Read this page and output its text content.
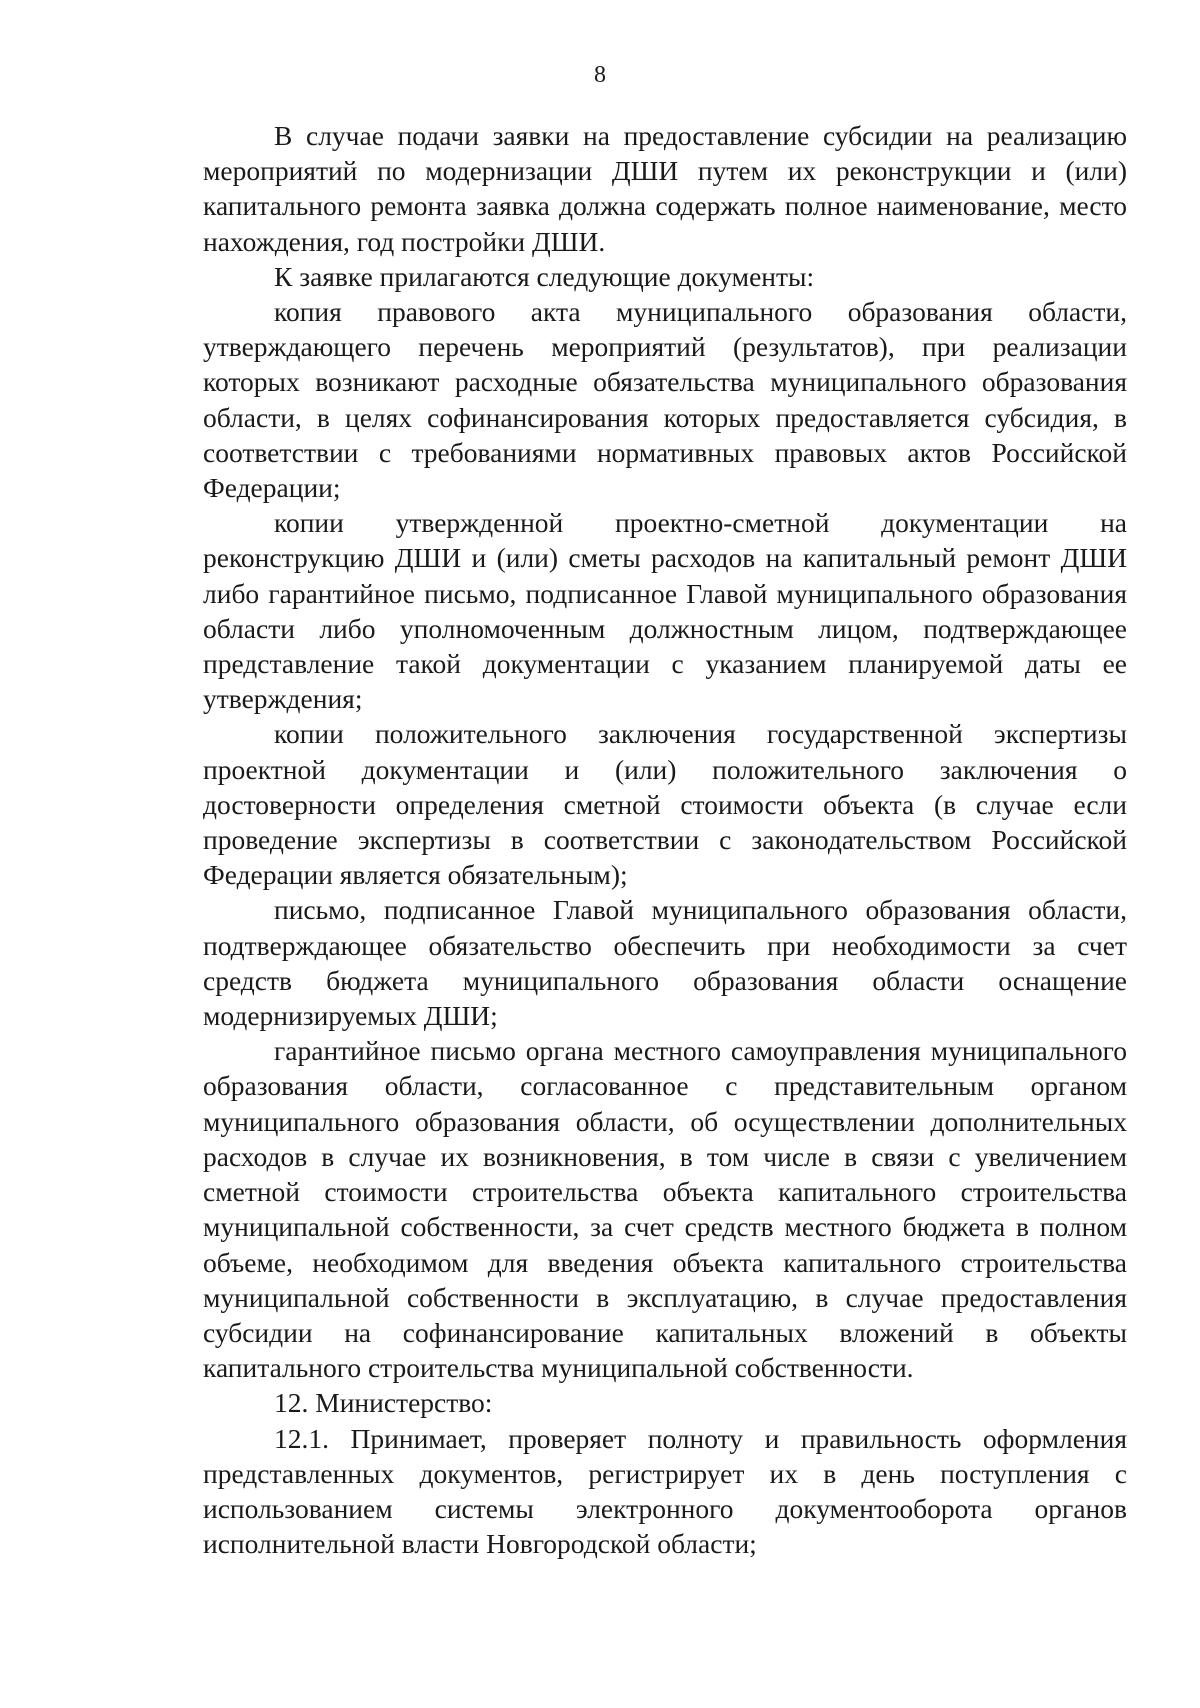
8

В случае подачи заявки на предоставление субсидии на реализацию мероприятий по модернизации ДШИ путем их реконструкции и (или) капитального ремонта заявка должна содержать полное наименование, место нахождения, год постройки ДШИ.

К заявке прилагаются следующие документы:

копия правового акта муниципального образования области, утверждающего перечень мероприятий (результатов), при реализации которых возникают расходные обязательства муниципального образования области, в целях софинансирования которых предоставляется субсидия, в соответствии с требованиями нормативных правовых актов Российской Федерации;

копии утвержденной проектно-сметной документации на реконструкцию ДШИ и (или) сметы расходов на капитальный ремонт ДШИ либо гарантийное письмо, подписанное Главой муниципального образования области либо уполномоченным должностным лицом, подтверждающее представление такой документации с указанием планируемой даты ее утверждения;

копии положительного заключения государственной экспертизы проектной документации и (или) положительного заключения о достоверности определения сметной стоимости объекта (в случае если проведение экспертизы в соответствии с законодательством Российской Федерации является обязательным);

письмо, подписанное Главой муниципального образования области, подтверждающее обязательство обеспечить при необходимости за счет средств бюджета муниципального образования области оснащение модернизируемых ДШИ;

гарантийное письмо органа местного самоуправления муниципального образования области, согласованное с представительным органом муниципального образования области, об осуществлении дополнительных расходов в случае их возникновения, в том числе в связи с увеличением сметной стоимости строительства объекта капитального строительства муниципальной собственности, за счет средств местного бюджета в полном объеме, необходимом для введения объекта капитального строительства муниципальной собственности в эксплуатацию, в случае предоставления субсидии на софинансирование капитальных вложений в объекты капитального строительства муниципальной собственности.

12. Министерство:

12.1. Принимает, проверяет полноту и правильность оформления представленных документов, регистрирует их в день поступления с использованием системы электронного документооборота органов исполнительной власти Новгородской области;
